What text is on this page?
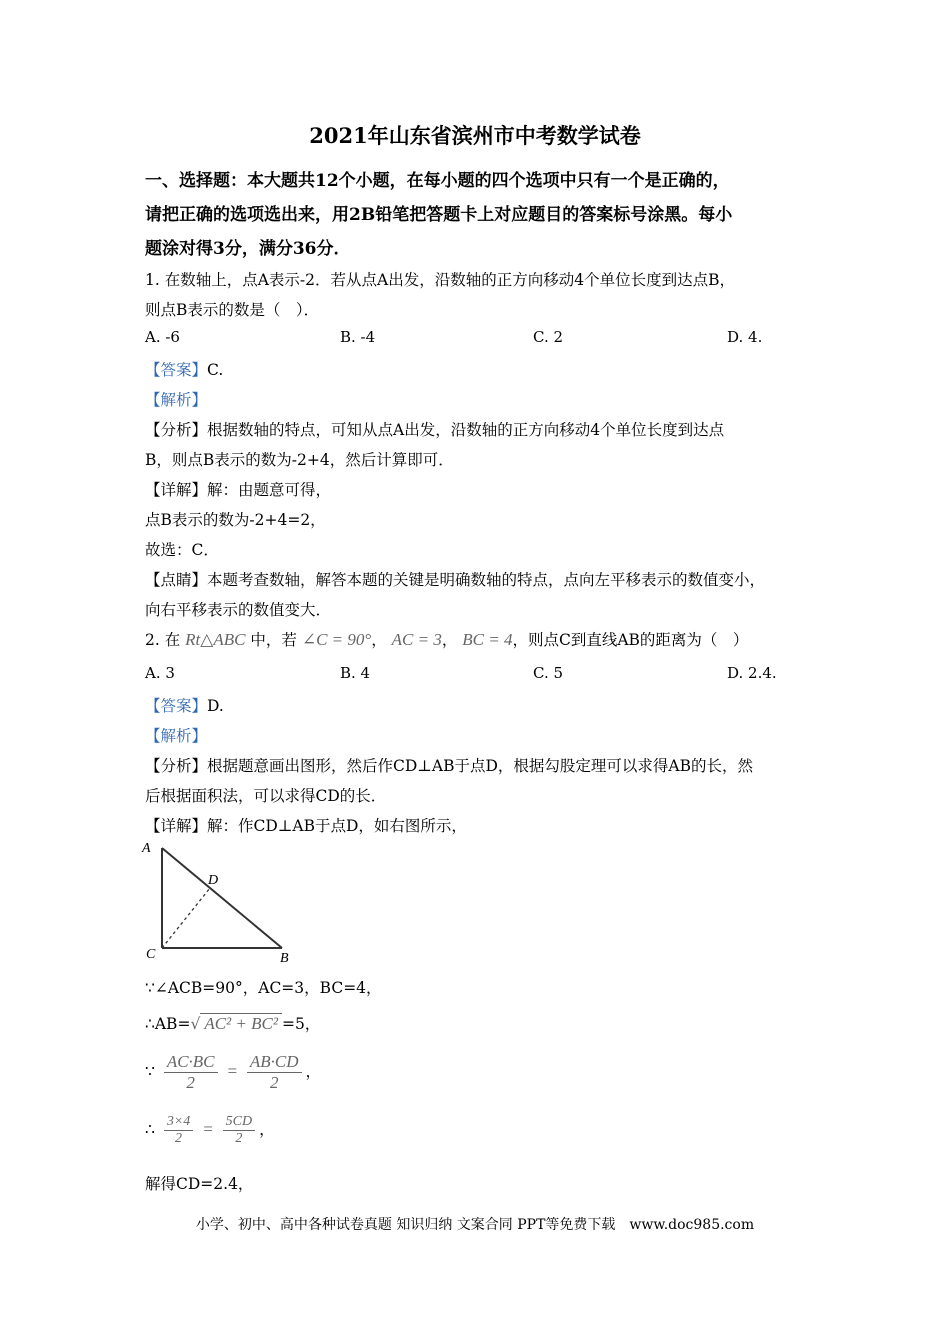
2021年山东省滨州市中考数学试卷
一、选择题：本大题共12个小题，在每小题的四个选项中只有一个是正确的，
请把正确的选项选出来，用2B铅笔把答题卡上对应题目的答案标号涂黑。每小
题涂对得3分，满分36分．
1. 在数轴上，点A表示-2．若从点A出发，沿数轴的正方向移动4个单位长度到达点B，
则点B表示的数是（　）．
A. -6	B. -4	C. 2	D. 4.
【答案】C.
【解析】
【分析】根据数轴的特点，可知从点A出发，沿数轴的正方向移动4个单位长度到达点
B，则点B表示的数为-2+4，然后计算即可．
【详解】解：由题意可得，
点B表示的数为-2+4=2，
故选：C．
【点睛】本题考查数轴，解答本题的关键是明确数轴的特点，点向左平移表示的数值变小，
向右平移表示的数值变大．
2. 在 Rt△ABC 中，若 ∠C = 90°， AC = 3， BC = 4，则点C到直线AB的距离为（　）
A. 3	B. 4	C. 5	D. 2.4.
【答案】D.
【解析】
【分析】根据题意画出图形，然后作CD⊥AB于点D，根据勾股定理可以求得AB的长，然
后根据面积法，可以求得CD的长．
【详解】解：作CD⊥AB于点D，如右图所示，
A
D
C	B
∵∠ACB=90°，AC=3，BC=4，
∴AB=√ AC² + BC² =5，
∵ $\frac{AC\cdot BC}{2} = \frac{AB\cdot CD}{2}$ ，
∴ $\frac{3\times 4}{2} = \frac{5CD}{2}$ ，
解得CD=2.4，
小学、初中、高中各种试卷真题 知识归纳 文案合同 PPT等免费下载　www.doc985.com
